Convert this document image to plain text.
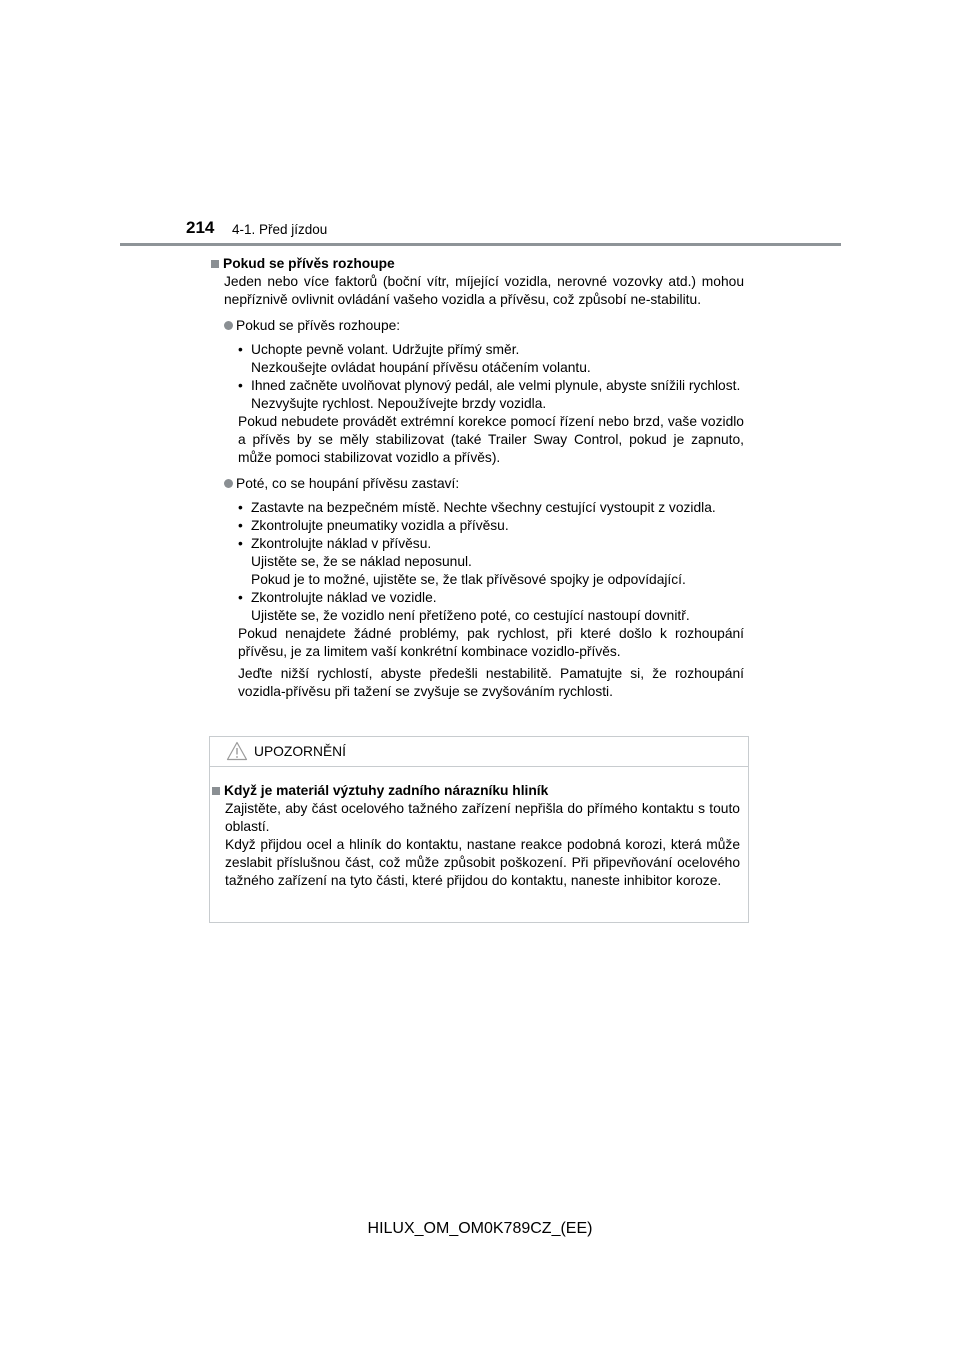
214 4-1. Před jízdou
Pokud se přívěs rozhoupe
Jeden nebo více faktorů (boční vítr, míjející vozidla, nerovné vozovky atd.) mohou nepříznivě ovlivnit ovládání vašeho vozidla a přívěsu, což způsobí ne-stabilitu.
Pokud se přívěs rozhoupe:
• Uchopte pevně volant. Udržujte přímý směr.
Nezkoušejte ovládat houpání přívěsu otáčením volantu.
• Ihned začněte uvolňovat plynový pedál, ale velmi plynule, abyste snížili rychlost.
Nezvyšujte rychlost. Nepoužívejte brzdy vozidla.
Pokud nebudete provádět extrémní korekce pomocí řízení nebo brzd, vaše vozidlo a přívěs by se měly stabilizovat (také Trailer Sway Control, pokud je zapnuto, může pomoci stabilizovat vozidlo a přívěs).
Poté, co se houpání přívěsu zastaví:
• Zastavte na bezpečném místě. Nechte všechny cestující vystoupit z vozidla.
• Zkontrolujte pneumatiky vozidla a přívěsu.
• Zkontrolujte náklad v přívěsu.
Ujistěte se, že se náklad neposunul.
Pokud je to možné, ujistěte se, že tlak přívěsové spojky je odpovídající.
• Zkontrolujte náklad ve vozidle.
Ujistěte se, že vozidlo není přetíženo poté, co cestující nastoupí dovnitř.
Pokud nenajdete žádné problémy, pak rychlost, při které došlo k rozhoupání přívěsu, je za limitem vaší konkrétní kombinace vozidlo-přívěs.
Jeďte nižší rychlostí, abyste předešli nestabilitě. Pamatujte si, že rozhoupání vozidla-přívěsu při tažení se zvyšuje se zvyšováním rychlosti.
UPOZORNĚNÍ
Když je materiál výztuhy zadního nárazníku hliník
Zajistěte, aby část ocelového tažného zařízení nepřišla do přímého kontaktu s touto oblastí.
Když přijdou ocel a hliník do kontaktu, nastane reakce podobná korozi, která může zeslabit příslušnou část, což může způsobit poškození. Při připevňování ocelového tažného zařízení na tyto části, které přijdou do kontaktu, naneste inhibitor koroze.
HILUX_OM_OM0K789CZ_(EE)
